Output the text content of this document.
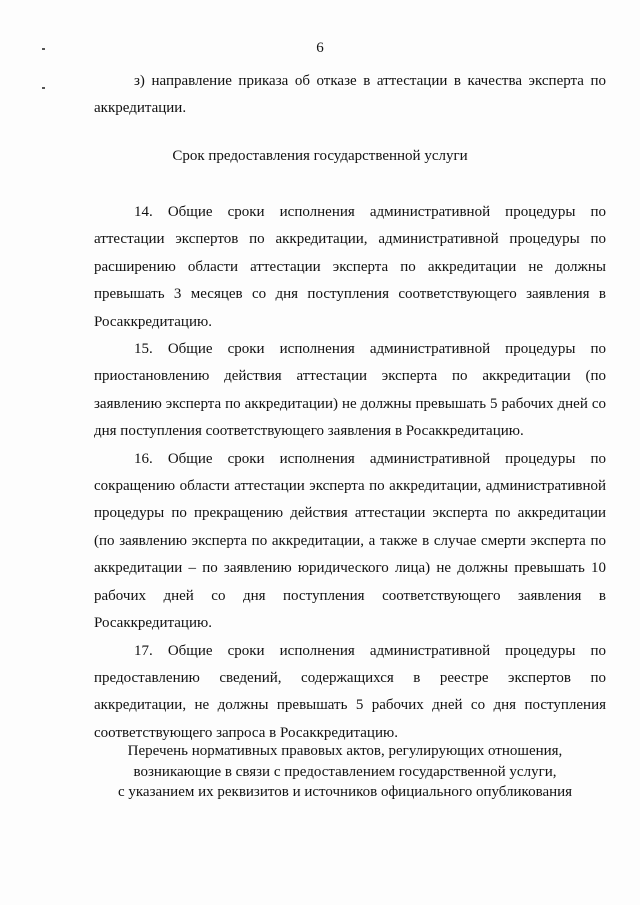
6

з) направление приказа об отказе в аттестации в качества эксперта по аккредитации.

Срок предоставления государственной услуги

14. Общие сроки исполнения административной процедуры по аттестации экспертов по аккредитации, административной процедуры по расширению области аттестации эксперта по аккредитации не должны превышать 3 месяцев со дня поступления соответствующего заявления в Росаккредитацию.

15. Общие сроки исполнения административной процедуры по приостановлению действия аттестации эксперта по аккредитации (по заявлению эксперта по аккредитации) не должны превышать 5 рабочих дней со дня поступления соответствующего заявления в Росаккредитацию.

16. Общие сроки исполнения административной процедуры по сокращению области аттестации эксперта по аккредитации, административной процедуры по прекращению действия аттестации эксперта по аккредитации (по заявлению эксперта по аккредитации, а также в случае смерти эксперта по аккредитации – по заявлению юридического лица) не должны превышать 10 рабочих дней со дня поступления соответствующего заявления в Росаккредитацию.

17. Общие сроки исполнения административной процедуры по предоставлению сведений, содержащихся в реестре экспертов по аккредитации, не должны превышать 5 рабочих дней со дня поступления соответствующего запроса в Росаккредитацию.

Перечень нормативных правовых актов, регулирующих отношения,
возникающие в связи с предоставлением государственной услуги,
с указанием их реквизитов и источников официального опубликования
